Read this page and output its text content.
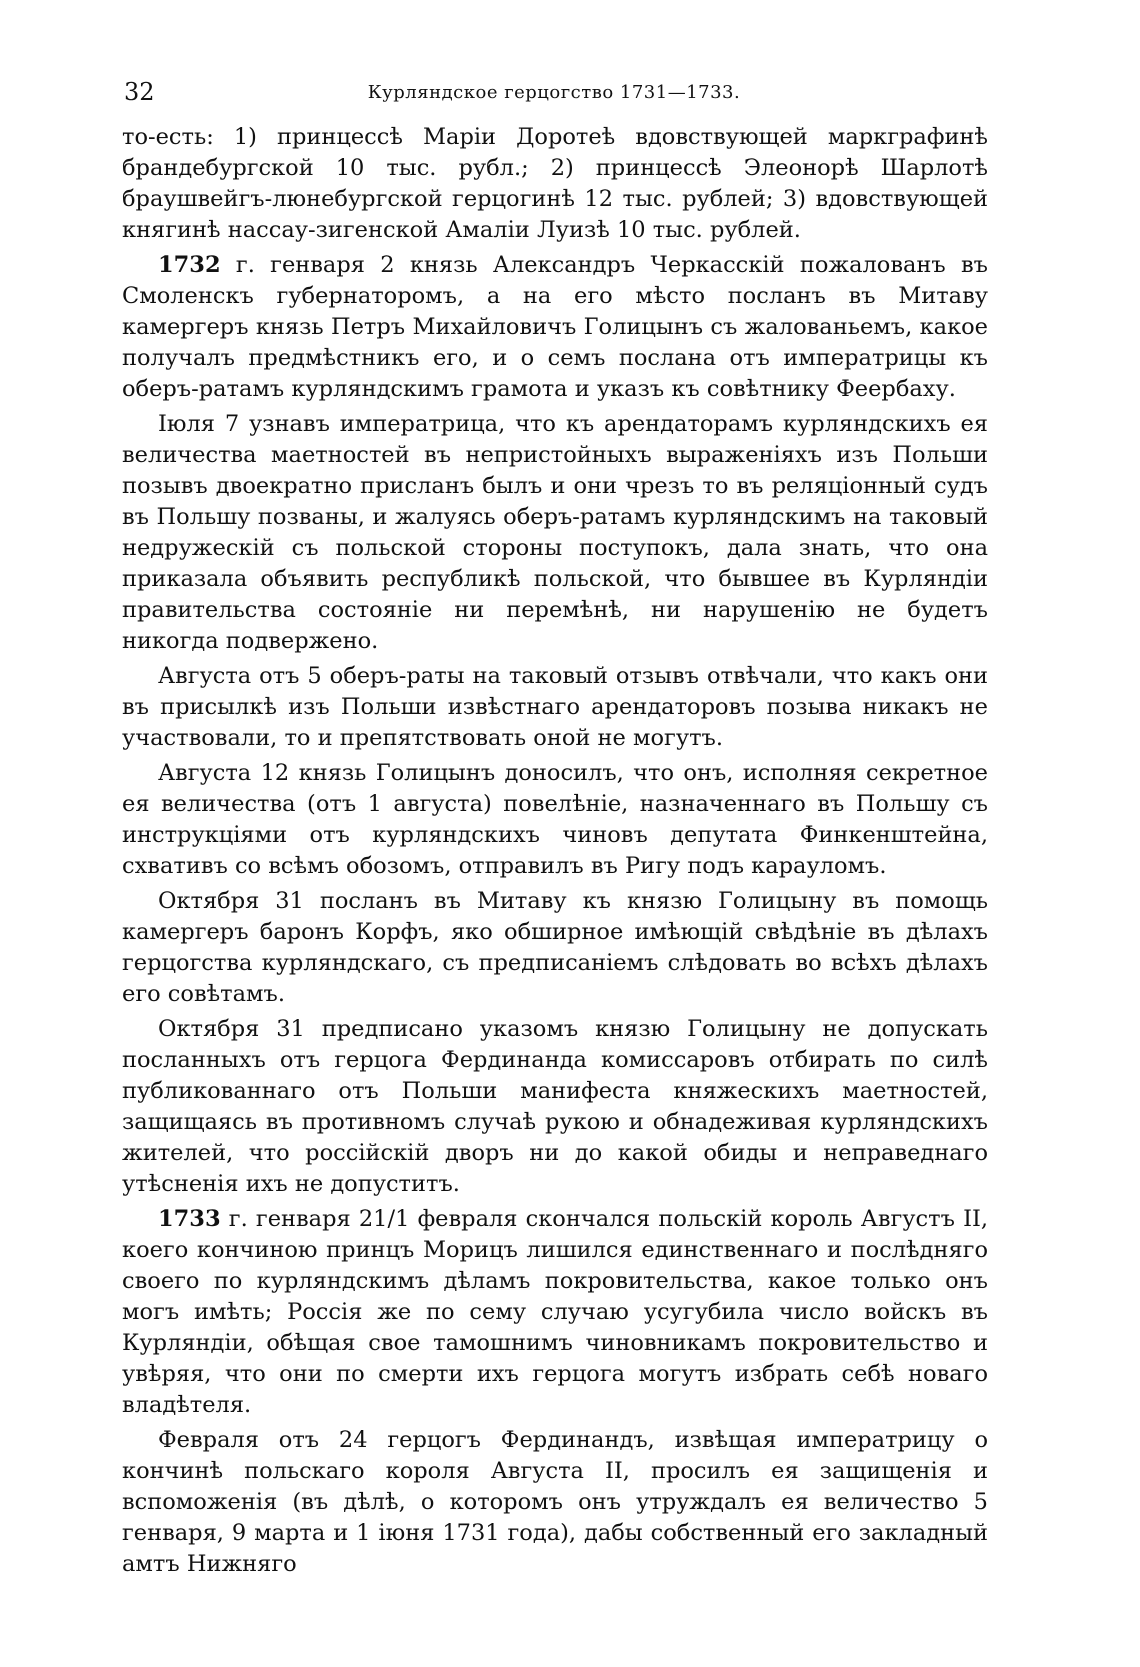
32	Курляндское герцогство 1731—1733.

то-есть: 1) принцессѣ Маріи Доротеѣ вдовствующей маркграфинѣ брандебургской 10 тыс. рубл.; 2) принцессѣ Элеонорѣ Шарлотѣ браушвейгъ-люнебургской герцогинѣ 12 тыс. рублей; 3) вдовствующей княгинѣ нассау-зигенской Амаліи Луизѣ 10 тыс. рублей.

1732 г. генваря 2 князь Александръ Черкасскій пожалованъ въ Смоленскъ губернаторомъ, а на его мѣсто посланъ въ Митаву камергеръ князь Петръ Михайловичъ Голицынъ съ жалованьемъ, какое получалъ предмѣстникъ его, и о семъ послана отъ императрицы къ оберъ-ратамъ курляндскимъ грамота и указъ къ совѣтнику Феербаху.

Іюля 7 узнавъ императрица, что къ арендаторамъ курляндскихъ ея величества маетностей въ непристойныхъ выраженіяхъ изъ Польши позывъ двоекратно присланъ былъ и они чрезъ то въ реляціонный судъ въ Польшу позваны, и жалуясь оберъ-ратамъ курляндскимъ на таковый недружескій съ польской стороны поступокъ, дала знать, что она приказала объявить республикѣ польской, что бывшее въ Курляндіи правительства состояніе ни перемѣнѣ, ни нарушенію не будетъ никогда подвержено.

Августа отъ 5 оберъ-раты на таковый отзывъ отвѣчали, что какъ они въ присылкѣ изъ Польши извѣстнаго арендаторовъ позыва никакъ не участвовали, то и препятствовать оной не могутъ.

Августа 12 князь Голицынъ доносилъ, что онъ, исполняя секретное ея величества (отъ 1 августа) повелѣніе, назначеннаго въ Польшу съ инструкціями отъ курляндскихъ чиновъ депутата Финкенштейна, схвативъ со всѣмъ обозомъ, отправилъ въ Ригу подъ карауломъ.

Октября 31 посланъ въ Митаву къ князю Голицыну въ помощь камергеръ баронъ Корфъ, яко обширное имѣющій свѣдѣніе въ дѣлахъ герцогства курляндскаго, съ предписаніемъ слѣдовать во всѣхъ дѣлахъ его совѣтамъ.

Октября 31 предписано указомъ князю Голицыну не допускать посланныхъ отъ герцога Фердинанда комиссаровъ отбирать по силѣ публикованнаго отъ Польши манифеста княжескихъ маетностей, защищаясь въ противномъ случаѣ рукою и обнадеживая курляндскихъ жителей, что россійскій дворъ ни до какой обиды и неправеднаго утѣсненія ихъ не допуститъ.

1733 г. генваря 21/1 февраля скончался польскій король Августъ II, коего кончиною принцъ Морицъ лишился единственнаго и послѣдняго своего по курляндскимъ дѣламъ покровительства, какое только онъ могъ имѣть; Россія же по сему случаю усугубила число войскъ въ Курляндіи, обѣщая свое тамошнимъ чиновникамъ покровительство и увѣряя, что они по смерти ихъ герцога могутъ избрать себѣ новаго владѣтеля.

Февраля отъ 24 герцогъ Фердинандъ, извѣщая императрицу о кончинѣ польскаго короля Августа II, просилъ ея защищенія и вспоможенія (въ дѣлѣ, о которомъ онъ утруждалъ ея величество 5 генваря, 9 марта и 1 іюня 1731 года), дабы собственный его закладный амтъ Нижняго
